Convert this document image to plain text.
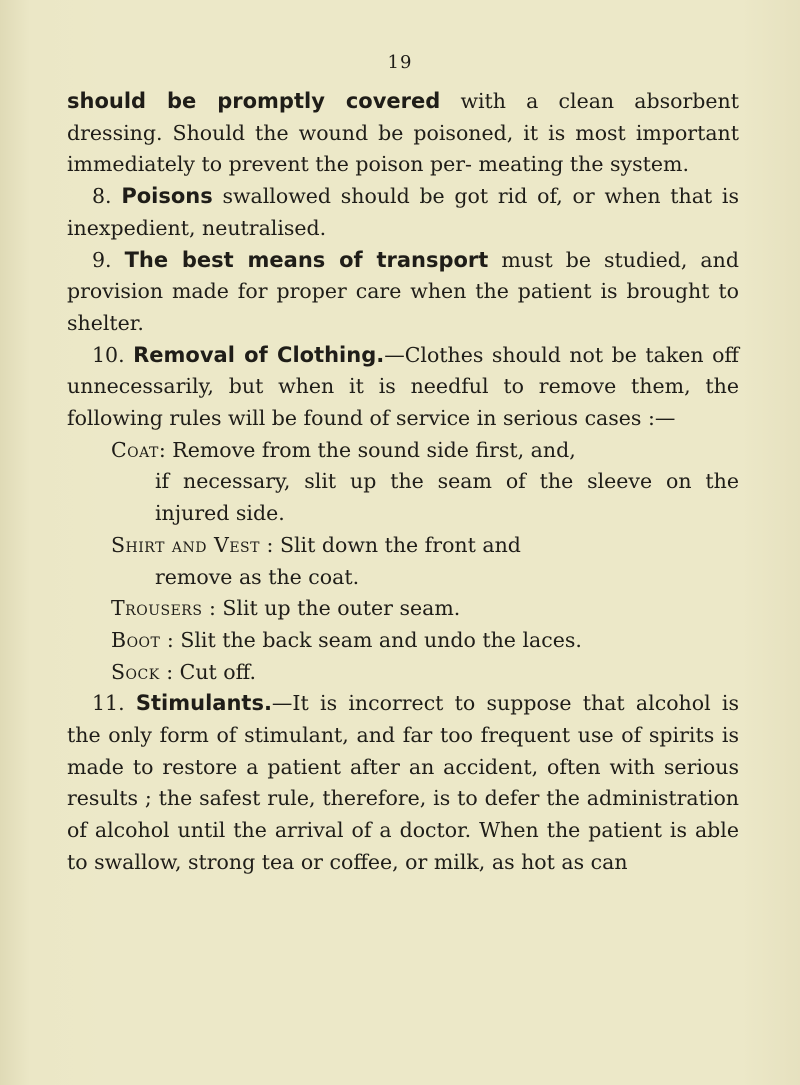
19

should be promptly covered with a clean absorbent dressing. Should the wound be poisoned, it is most important immediately to prevent the poison per- meating the system.

8. Poisons swallowed should be got rid of, or when that is inexpedient, neutralised.

9. The best means of transport must be studied, and provision made for proper care when the patient is brought to shelter.

10. Removal of Clothing.—Clothes should not be taken off unnecessarily, but when it is needful to remove them, the following rules will be found of service in serious cases :—

Coat: Remove from the sound side first, and,
if necessary, slit up the seam of the sleeve on the injured side.
Shirt and Vest : Slit down the front and
remove as the coat.
Trousers : Slit up the outer seam.
Boot : Slit the back seam and undo the laces.
Sock : Cut off.

11. Stimulants.—It is incorrect to suppose that alcohol is the only form of stimulant, and far too frequent use of spirits is made to restore a patient after an accident, often with serious results ; the safest rule, therefore, is to defer the administration of alcohol until the arrival of a doctor. When the patient is able to swallow, strong tea or coffee, or milk, as hot as can
